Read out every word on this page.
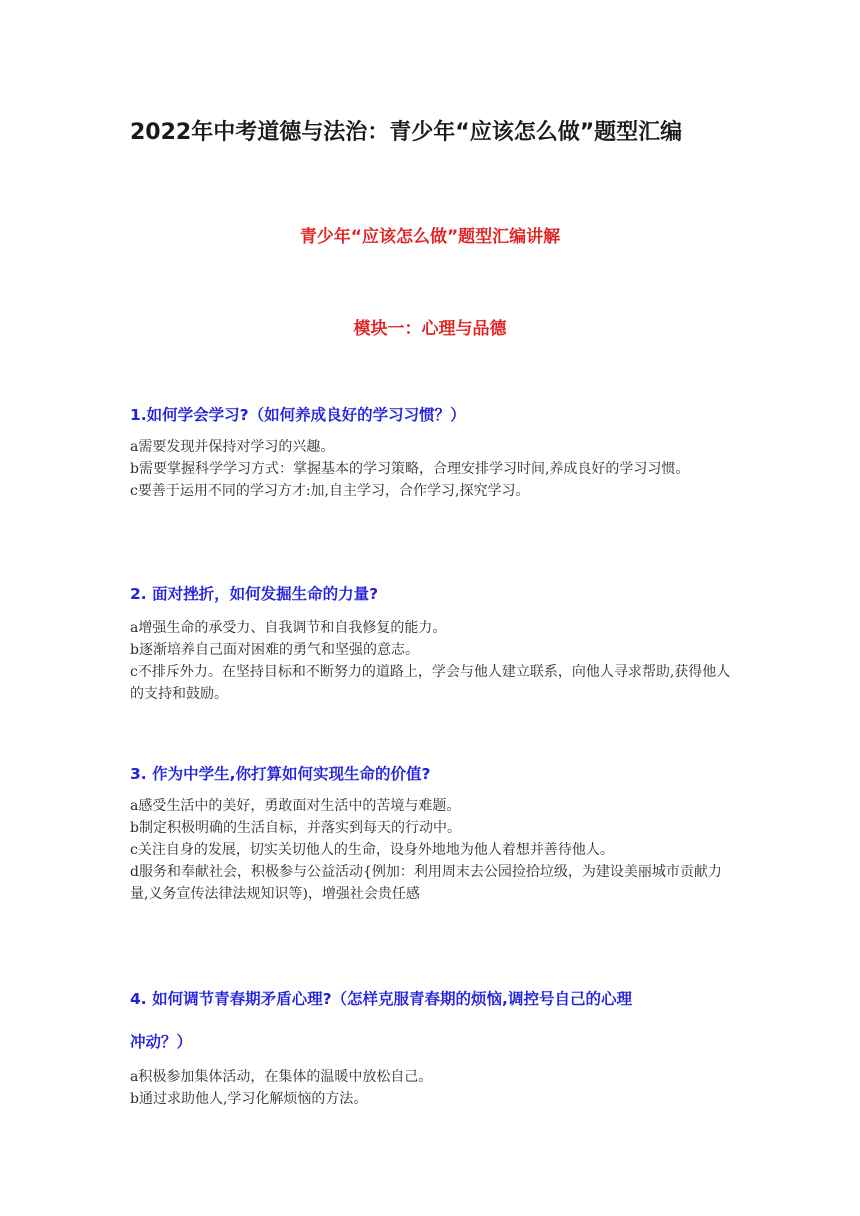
2022年中考道德与法治：青少年“应该怎么做”题型汇编
青少年“应该怎么做”题型汇编讲解
模块一：心理与品德
1.如何学会学习?（如何养成良好的学习习惯？）
a需要发现并保持对学习的兴趣。
b需要掌握科学学习方式：掌握基本的学习策略，合理安排学习时间,养成良好的学习习惯。
c要善于运用不同的学习方才:加,自主学习，合作学习,探究学习。
2. 面对挫折，如何发掘生命的力量?
a增强生命的承受力、自我调节和自我修复的能力。
b逐渐培养自己面对困难的勇气和坚强的意志。
c不排斥外力。在坚持目标和不断努力的道路上，学会与他人建立联系，向他人寻求帮助,获得他人的支持和鼓励。
3. 作为中学生,你打算如何实现生命的价值?
a感受生活中的美好，勇敢面对生活中的苦境与难题。
b制定积极明确的生活自标，并落实到每天的行动中。
c关注自身的发展，切实关切他人的生命，设身外地地为他人着想并善待他人。
d服务和奉献社会，积极参与公益活动{例加：利用周末去公园捡拾垃级，为建设美丽城市贡献力量,义务宣传法律法规知识等)，增强社会贵任感
4. 如何调节青春期矛盾心理?（怎样克服青春期的烦恼,调控号自己的心理
冲动？）
a积极参加集体活动，在集体的温暖中放松自己。
b通过求助他人,学习化解烦恼的方法。
